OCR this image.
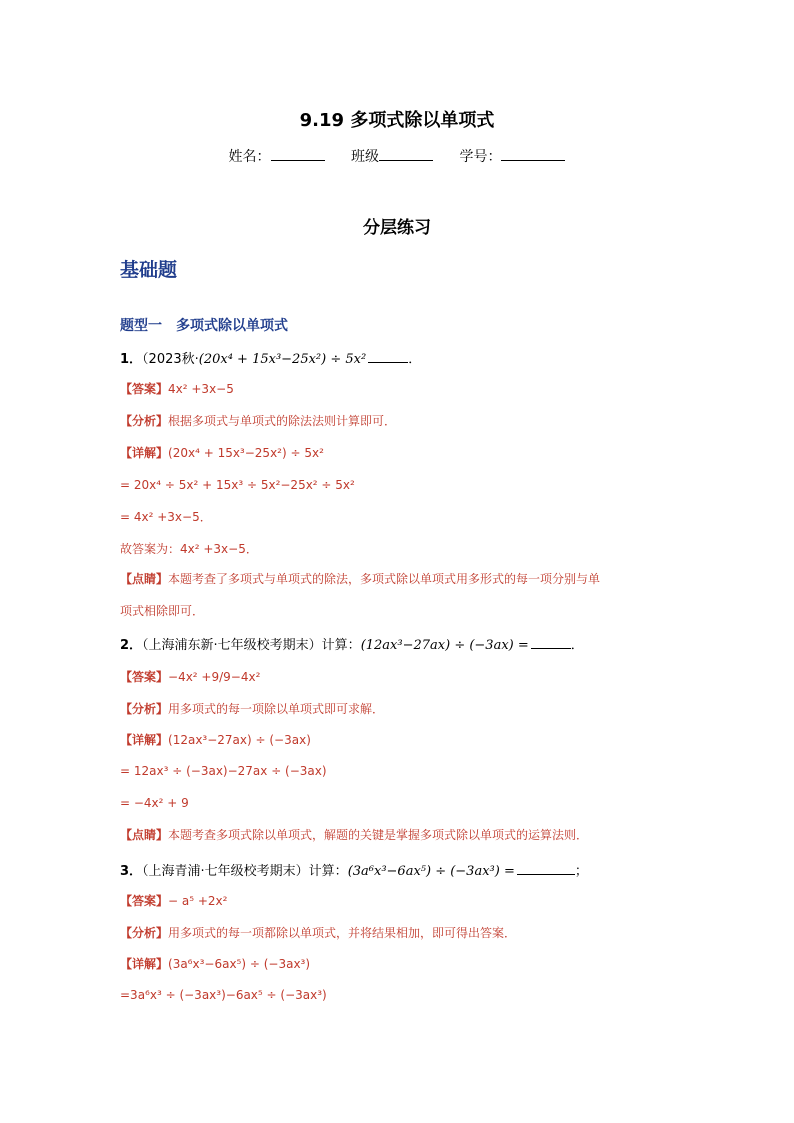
9.19 多项式除以单项式
姓名：	班级	学号：
分层练习
基础题
题型一　多项式除以单项式
1．（2023秋·(20x⁴ + 15x³−25x²) ÷ 5x²	．
【答案】4x² +3x−5
【分析】根据多项式与单项式的除法法则计算即可．
【详解】(20x⁴ + 15x³−25x²) ÷ 5x²
= 20x⁴ ÷ 5x² + 15x³ ÷ 5x²−25x² ÷ 5x²
= 4x² +3x−5．
故答案为：4x² +3x−5．
【点睛】本题考查了多项式与单项式的除法，多项式除以单项式用多形式的每一项分别与单
项式相除即可．
2．（上海浦东新·七年级校考期末）计算：(12ax³−27ax) ÷ (−3ax) =	．
【答案】−4x² +9/9−4x²
【分析】用多项式的每一项除以单项式即可求解．
【详解】(12ax³−27ax) ÷ (−3ax)
= 12ax³ ÷ (−3ax)−27ax ÷ (−3ax)
= −4x² + 9
【点睛】本题考查多项式除以单项式，解题的关键是掌握多项式除以单项式的运算法则．
3．（上海青浦·七年级校考期末）计算：(3a⁶x³−6ax⁵) ÷ (−3ax³) =	；
【答案】− a⁵ +2x²
【分析】用多项式的每一项都除以单项式，并将结果相加，即可得出答案．
【详解】(3a⁶x³−6ax⁵) ÷ (−3ax³)
=3a⁶x³ ÷ (−3ax³)−6ax⁵ ÷ (−3ax³)
